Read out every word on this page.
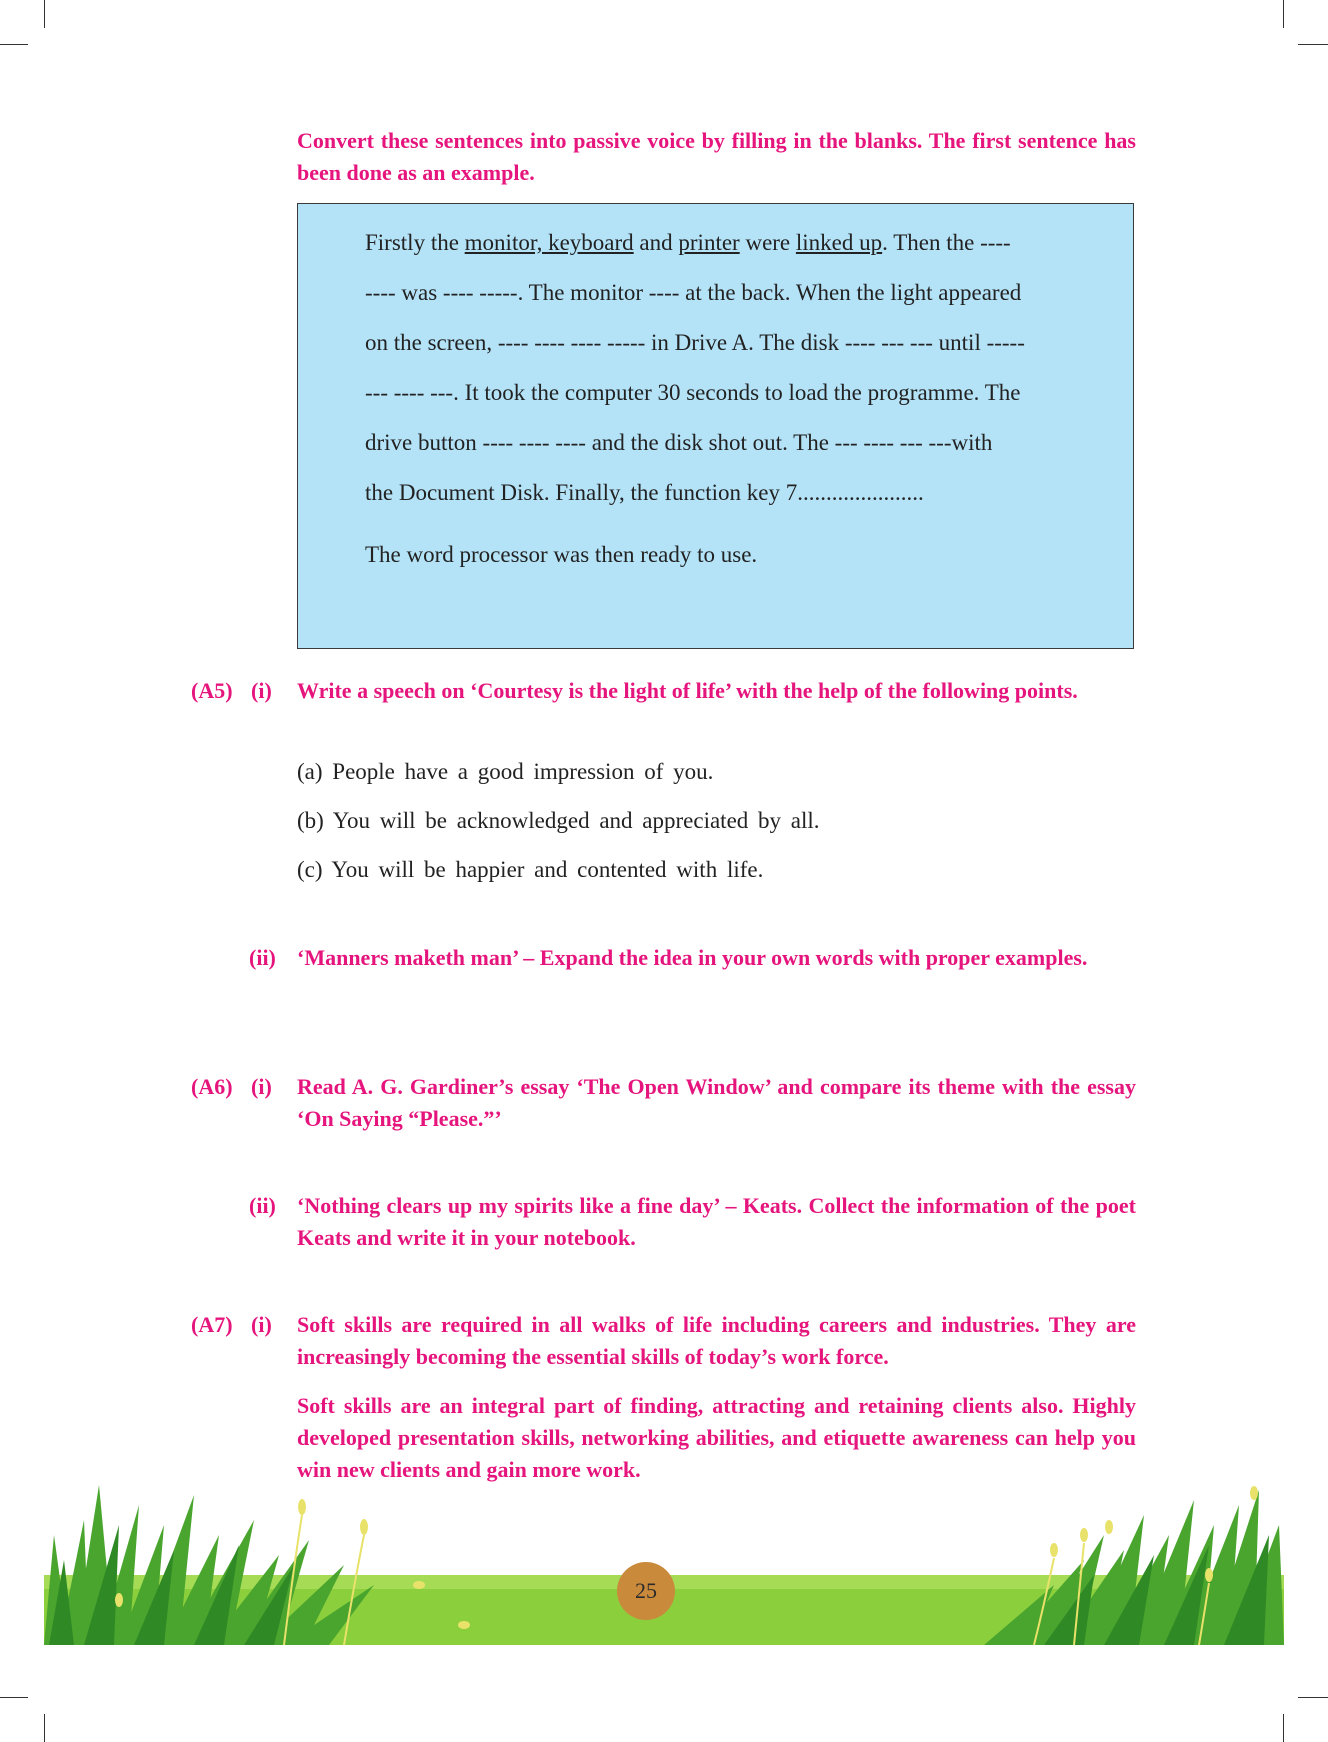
Convert these sentences into passive voice by filling in the blanks. The first sentence has been done as an example.
Firstly the monitor, keyboard and printer were linked up. Then the ----
---- was ---- -----. The monitor ---- at the back. When the light appeared
on the screen, ---- ---- ---- ----- in Drive A. The disk ---- --- --- until -----
--- ---- ---. It took the computer 30 seconds to load the programme. The
drive button ---- ---- ---- and the disk shot out. The --- ---- --- ---with
the Document Disk. Finally, the function key 7......................
The word processor was then ready to use.
(A5) (i) Write a speech on ‘Courtesy is the light of life’ with the help of the following points.
(a) People have a good impression of you.
(b) You will be acknowledged and appreciated by all.
(c) You will be happier and contented with life.
(ii) ‘Manners maketh man’ – Expand the idea in your own words with proper examples.
(A6) (i) Read A. G. Gardiner’s essay ‘The Open Window’ and compare its theme with the essay ‘On Saying “Please.”’
(ii) ‘Nothing clears up my spirits like a fine day’ – Keats. Collect the information of the poet Keats and write it in your notebook.
(A7) (i) Soft skills are required in all walks of life including careers and industries. They are increasingly becoming the essential skills of today’s work force.
Soft skills are an integral part of finding, attracting and retaining clients also. Highly developed presentation skills, networking abilities, and etiquette awareness can help you win new clients and gain more work.
25
